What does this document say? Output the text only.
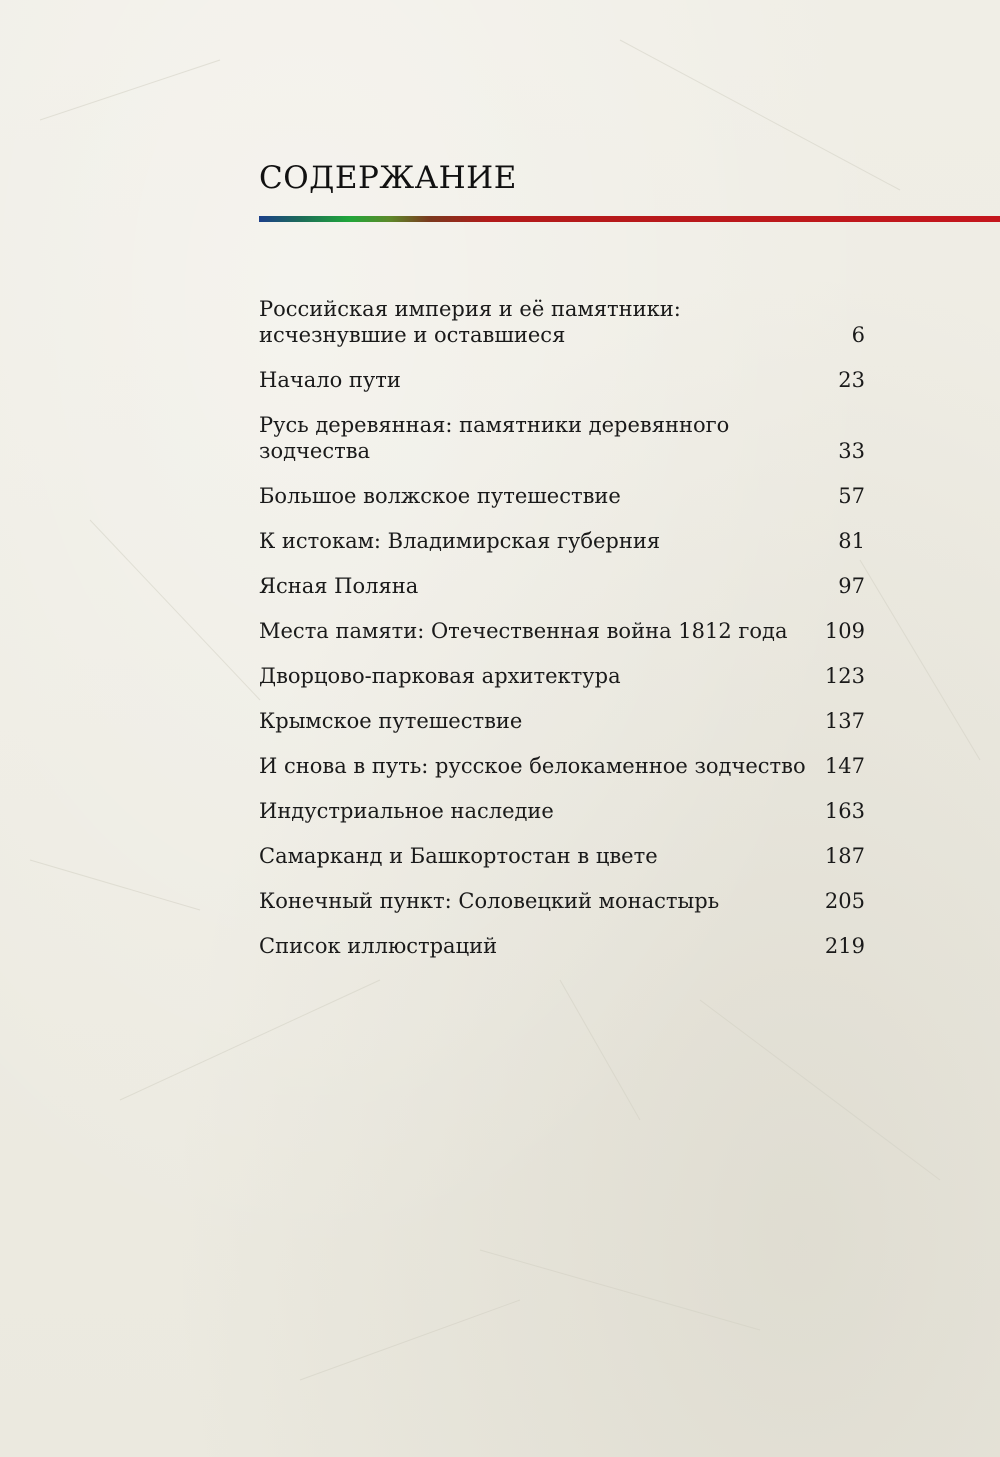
СОДЕРЖАНИЕ
Российская империя и её памятники:
исчезнувшие и оставшиеся	6
Начало пути	23
Русь деревянная: памятники деревянного зодчества	33
Большое волжское путешествие	57
К истокам: Владимирская губерния	81
Ясная Поляна	97
Места памяти: Отечественная война 1812 года 109
Дворцово-парковая архитектура	123
Крымское путешествие	137
И снова в путь: русское белокаменное зодчество 147
Индустриальное наследие	163
Самарканд и Башкортостан в цвете	187
Конечный пункт: Соловецкий монастырь	205
Список иллюстраций	219
